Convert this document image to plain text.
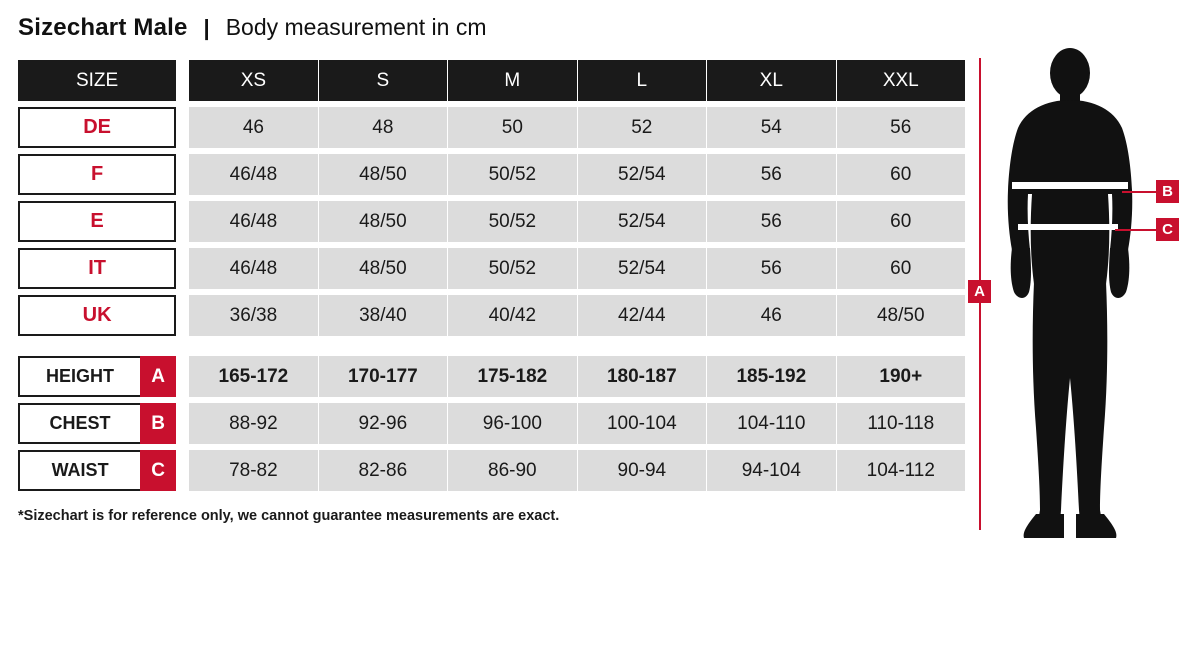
Sizechart Male | Body measurement in cm
SIZE	XS	S	M	L	XL	XXL
DE	46	48	50	52	54	56
F	46/48	48/50	50/52	52/54	56	60
E	46/48	48/50	50/52	52/54	56	60
IT	46/48	48/50	50/52	52/54	56	60
UK	36/38	38/40	40/42	42/44	46	48/50
HEIGHT	A	165-172	170-177	175-182	180-187	185-192	190+
CHEST	B	88-92	92-96	96-100	100-104	104-110	110-118
WAIST	C	78-82	82-86	86-90	90-94	94-104	104-112
*Sizechart is for reference only, we cannot guarantee measurements are exact.
A
B
C
